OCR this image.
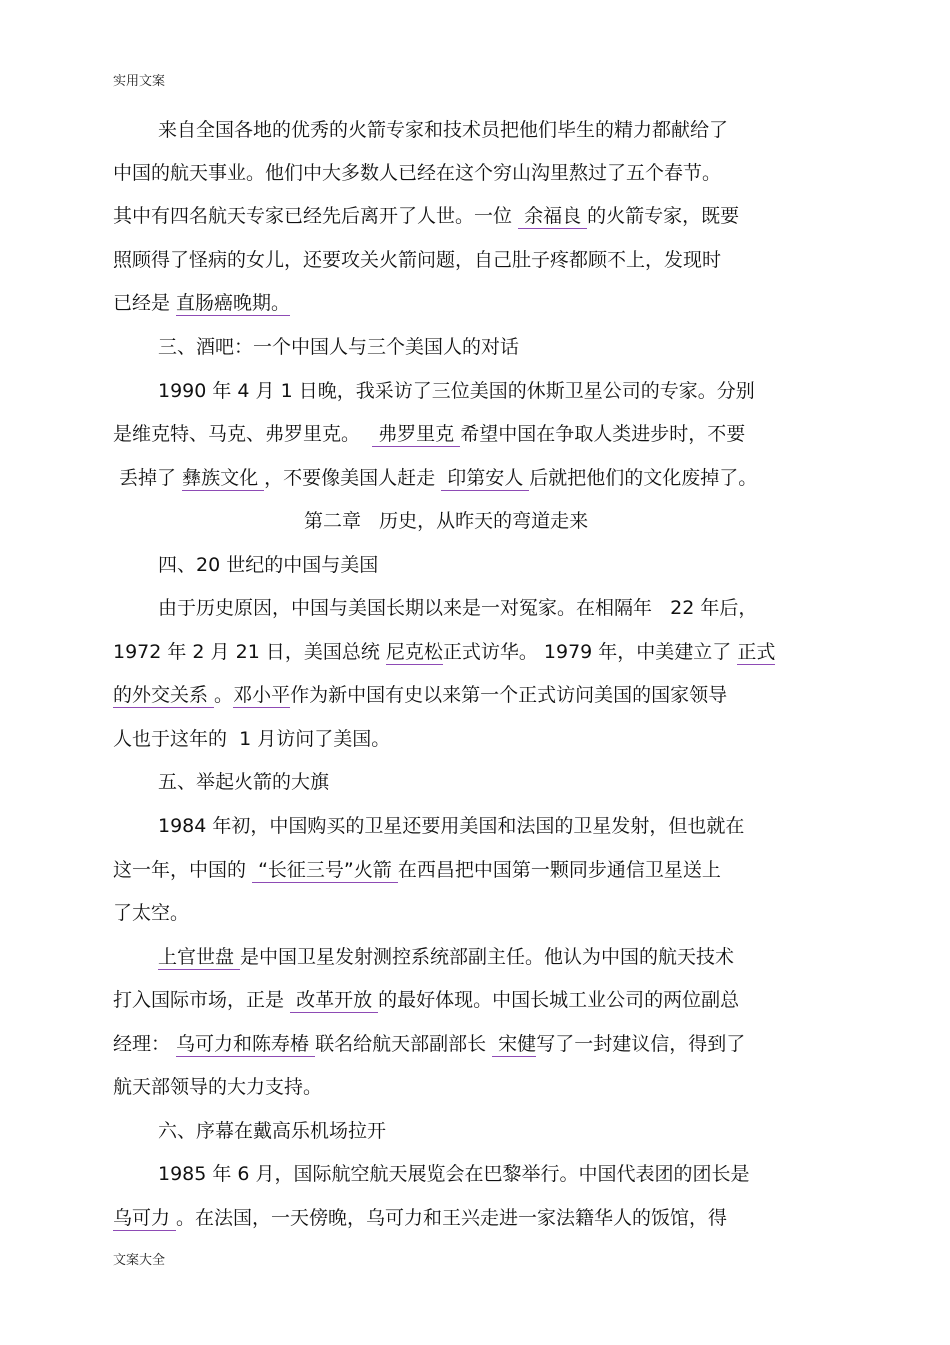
实用文案
来自全国各地的优秀的火箭专家和技术员把他们毕生的精力都献给了
中国的航天事业。他们中大多数人已经在这个穷山沟里熬过了五个春节。
其中有四名航天专家已经先后离开了人世。一位  余福良 的火箭专家，既要
照顾得了怪病的女儿，还要攻关火箭问题，自己肚子疼都顾不上，发现时
已经是 直肠癌晚期。
三、酒吧：一个中国人与三个美国人的对话
1990 年 4 月 1 日晚，我采访了三位美国的休斯卫星公司的专家。分别
是维克特、马克、弗罗里克。   弗罗里克 希望中国在争取人类进步时，不要
丢掉了 彝族文化 ，不要像美国人赶走  印第安人 后就把他们的文化废掉了。
第二章   历史，从昨天的弯道走来
四、20 世纪的中国与美国
由于历史原因，中国与美国长期以来是一对冤家。在相隔年   22 年后，
1972 年 2 月 21 日，美国总统 尼克松正式访华。 1979 年，中美建立了 正式
的外交关系 。邓小平作为新中国有史以来第一个正式访问美国的国家领导
人也于这年的  1 月访问了美国。
五、举起火箭的大旗
1984 年初，中国购买的卫星还要用美国和法国的卫星发射，但也就在
这一年，中国的  “长征三号”火箭 在西昌把中国第一颗同步通信卫星送上
了太空。
上官世盘 是中国卫星发射测控系统部副主任。他认为中国的航天技术
打入国际市场，正是  改革开放 的最好体现。中国长城工业公司的两位副总
经理： 乌可力和陈寿椿 联名给航天部副部长  宋健写了一封建议信，得到了
航天部领导的大力支持。
六、序幕在戴高乐机场拉开
1985 年 6 月，国际航空航天展览会在巴黎举行。中国代表团的团长是
乌可力 。在法国，一天傍晚，乌可力和王兴走进一家法籍华人的饭馆，得
文案大全
